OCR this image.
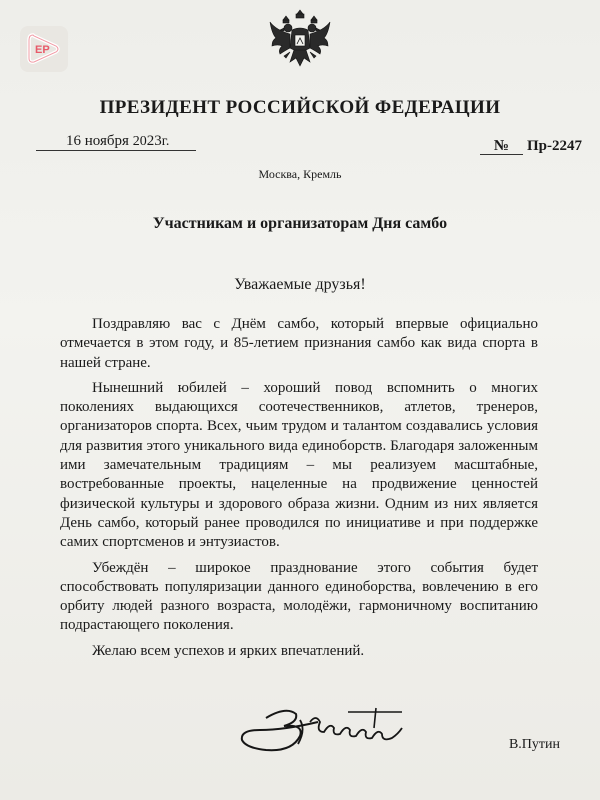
ЕР
ПРЕЗИДЕНТ РОССИЙСКОЙ ФЕДЕРАЦИИ
16 ноября 2023г.	№ Пр-2247
Москва, Кремль
Участникам и организаторам Дня самбо
Уважаемые друзья!

Поздравляю вас с Днём самбо, который впервые официально отмечается в этом году, и 85-летием признания самбо как вида спорта в нашей стране.

Нынешний юбилей – хороший повод вспомнить о многих поколениях выдающихся соотечественников, атлетов, тренеров, организаторов спорта. Всех, чьим трудом и талантом создавались условия для развития этого уникального вида единоборств. Благодаря заложенным ими замечательным традициям – мы реализуем масштабные, востребованные проекты, нацеленные на продвижение ценностей физической культуры и здорового образа жизни. Одним из них является День самбо, который ранее проводился по инициативе и при поддержке самих спортсменов и энтузиастов.

Убеждён – широкое празднование этого события будет способствовать популяризации данного единоборства, вовлечению в его орбиту людей разного возраста, молодёжи, гармоничному воспитанию подрастающего поколения.

Желаю всем успехов и ярких впечатлений.

В.Путин
